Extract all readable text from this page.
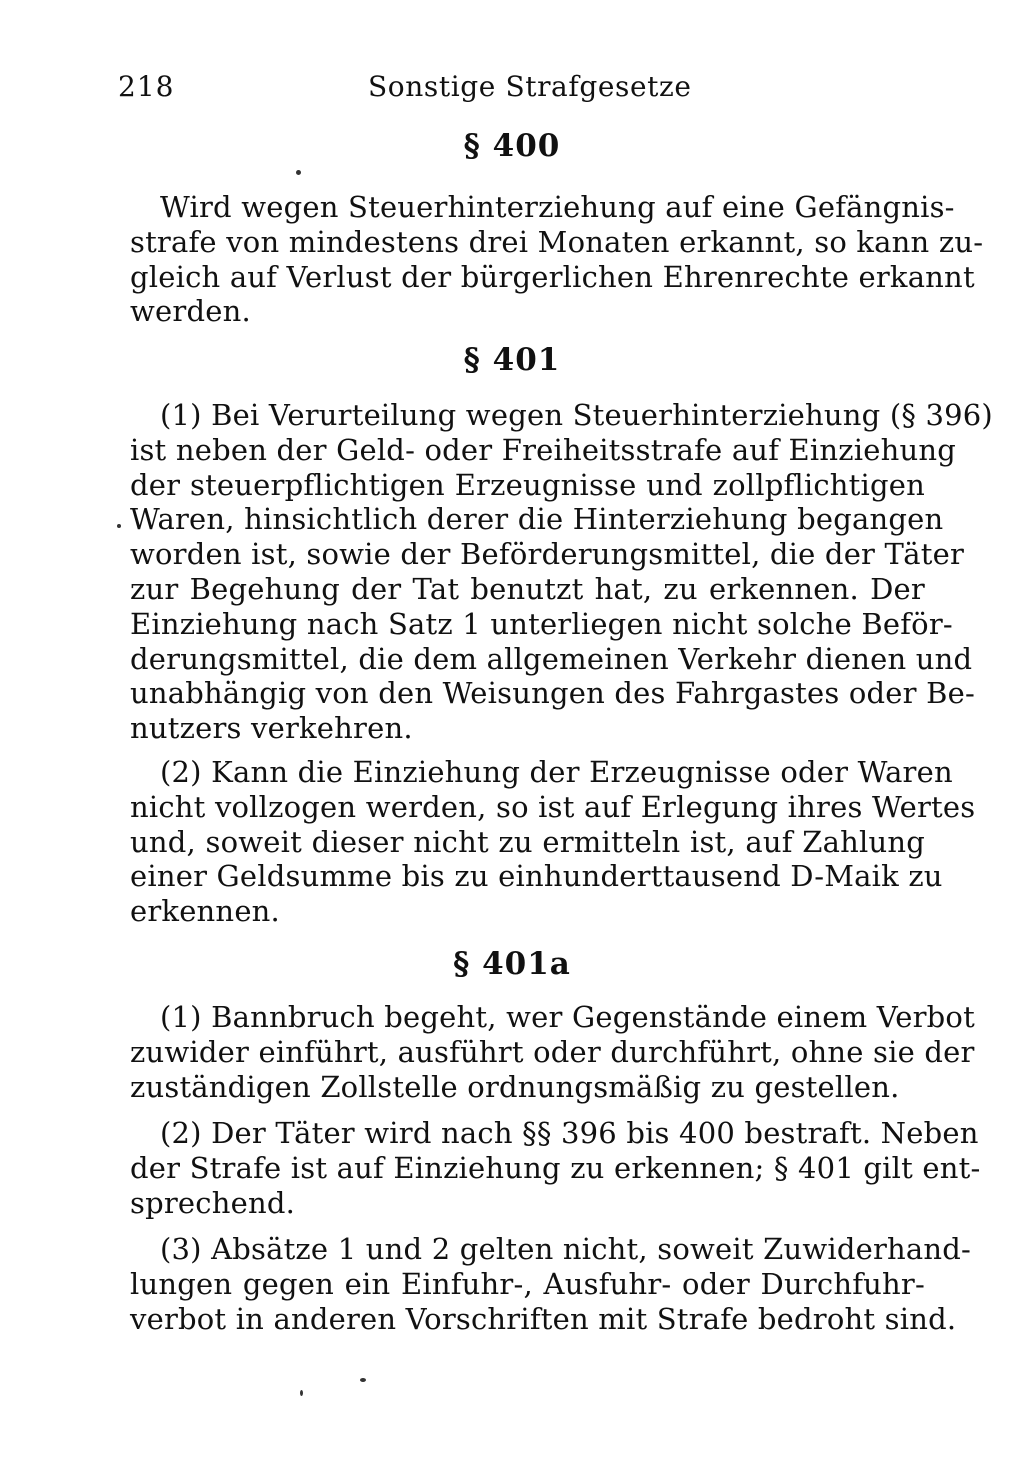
218	Sonstige Strafgesetze
§ 400
Wird wegen Steuerhinterziehung auf eine Gefängnis-
strafe von mindestens drei Monaten erkannt, so kann zu-
gleich auf Verlust der bürgerlichen Ehrenrechte erkannt
werden.
§ 401
(1) Bei Verurteilung wegen Steuerhinterziehung (§ 396)
ist neben der Geld- oder Freiheitsstrafe auf Einziehung
der steuerpflichtigen Erzeugnisse und zollpflichtigen
Waren, hinsichtlich derer die Hinterziehung begangen
worden ist, sowie der Beförderungsmittel, die der Täter
zur Begehung der Tat benutzt hat, zu erkennen. Der
Einziehung nach Satz 1 unterliegen nicht solche Beför-
derungsmittel, die dem allgemeinen Verkehr dienen und
unabhängig von den Weisungen des Fahrgastes oder Be-
nutzers verkehren.
(2) Kann die Einziehung der Erzeugnisse oder Waren
nicht vollzogen werden, so ist auf Erlegung ihres Wertes
und, soweit dieser nicht zu ermitteln ist, auf Zahlung
einer Geldsumme bis zu einhunderttausend D-Maik zu
erkennen.
§ 401a
(1) Bannbruch begeht, wer Gegenstände einem Verbot
zuwider einführt, ausführt oder durchführt, ohne sie der
zuständigen Zollstelle ordnungsmäßig zu gestellen.
(2) Der Täter wird nach §§ 396 bis 400 bestraft. Neben
der Strafe ist auf Einziehung zu erkennen; § 401 gilt ent-
sprechend.
(3) Absätze 1 und 2 gelten nicht, soweit Zuwiderhand-
lungen gegen ein Einfuhr-, Ausfuhr- oder Durchfuhr-
verbot in anderen Vorschriften mit Strafe bedroht sind.
